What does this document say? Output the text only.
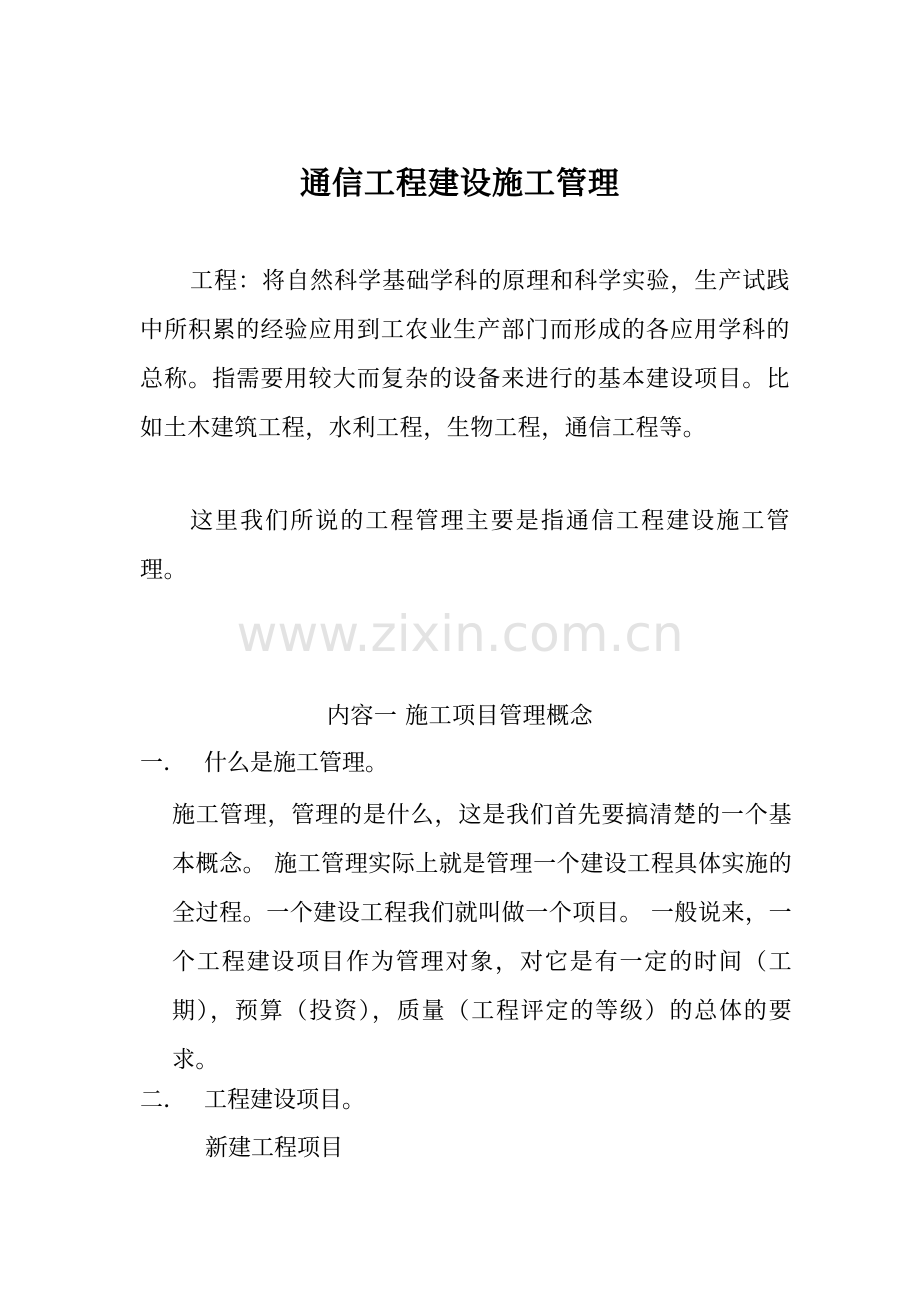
通信工程建设施工管理

工程：将自然科学基础学科的原理和科学实验，生产试践中所积累的经验应用到工农业生产部门而形成的各应用学科的总称。指需要用较大而复杂的设备来进行的基本建设项目。比如土木建筑工程，水利工程，生物工程，通信工程等。

这里我们所说的工程管理主要是指通信工程建设施工管理。

www.zixin.com.cn
内容一 施工项目管理概念
一. 什么是施工管理。

施工管理，管理的是什么，这是我们首先要搞清楚的一个基本概念。 施工管理实际上就是管理一个建设工程具体实施的全过程。一个建设工程我们就叫做一个项目。 一般说来，一个工程建设项目作为管理对象，对它是有一定的时间（工期），预算（投资），质量（工程评定的等级）的总体的要求。

二. 工程建设项目。
新建工程项目
